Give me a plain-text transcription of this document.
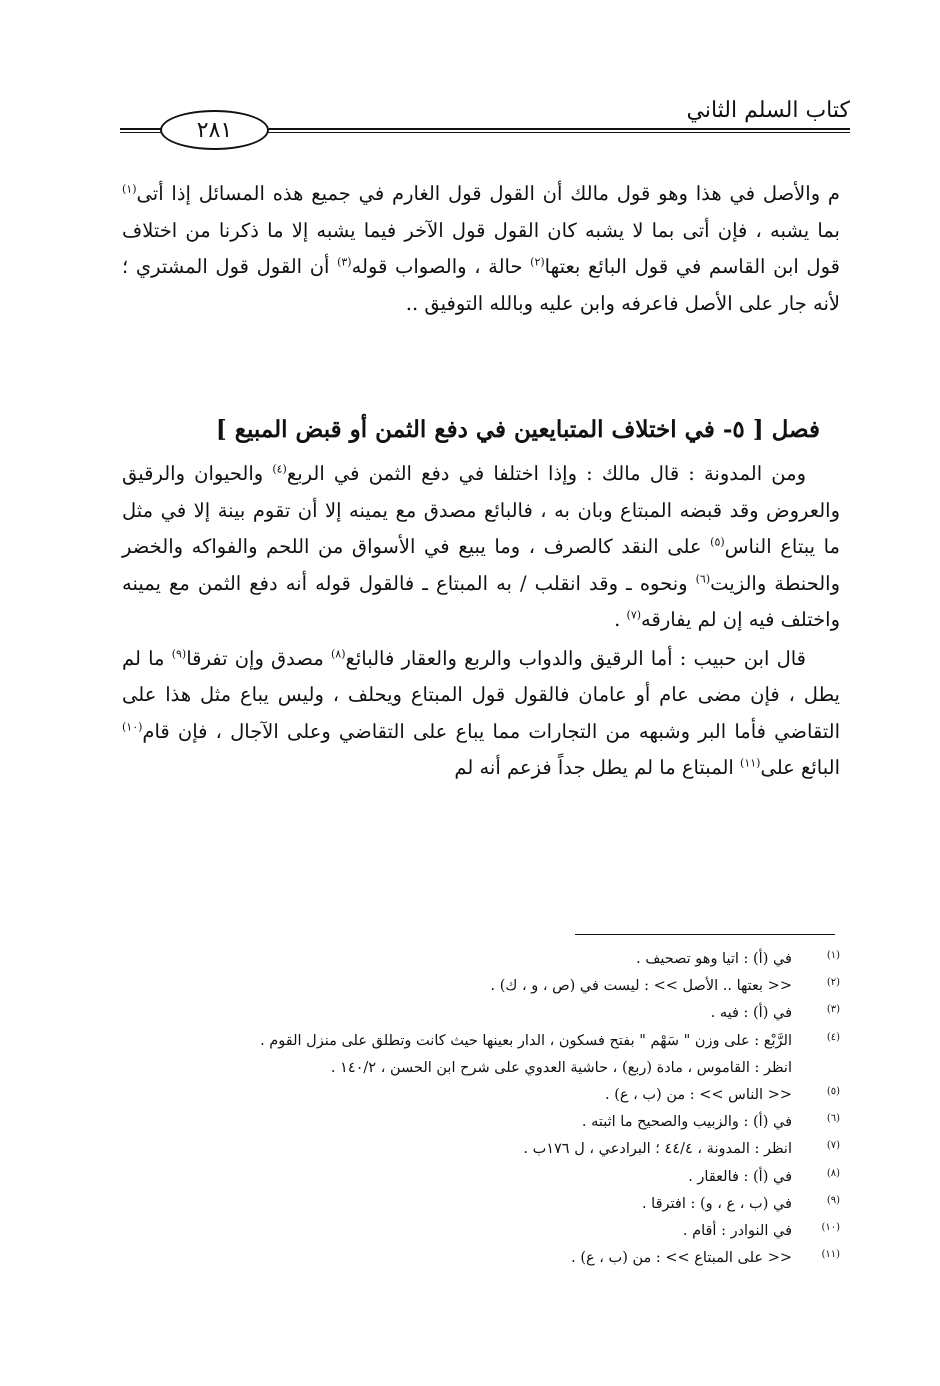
كتاب السلم الثاني
٢٨١

م والأصل في هذا وهو قول مالك أن القول قول الغارم في جميع هذه المسائل إذا أتى$^{(١)}$ بما يشبه ، فإن أتى بما لا يشبه كان القول قول الآخر فيما يشبه إلا ما ذكرنا من اختلاف قول ابن القاسم في قول البائع بعتها$^{(٢)}$ حالة ، والصواب قوله$^{(٣)}$ أن القول قول المشتري ؛ لأنه جار على الأصل فاعرفه وابن عليه وبالله التوفيق ..

فصل [ ٥- في اختلاف المتبايعين في دفع الثمن أو قبض المبيع ]

ومن المدونة : قال مالك : وإذا اختلفا في دفع الثمن في الربع$^{(٤)}$ والحيوان والرقيق والعروض وقد قبضه المبتاع وبان به ، فالبائع مصدق مع يمينه إلا أن تقوم بينة إلا في مثل ما يبتاع الناس$^{(٥)}$ على النقد كالصرف ، وما يبيع في الأسواق من اللحم والفواكه والخضر والحنطة والزيت$^{(٦)}$ ونحوه ـ وقد انقلب / به المبتاع ـ فالقول قوله أنه دفع الثمن مع يمينه واختلف فيه إن لم يفارقه$^{(٧)}$ .

قال ابن حبيب : أما الرقيق والدواب والربع والعقار فالبائع$^{(٨)}$ مصدق وإن تفرقا$^{(٩)}$ ما لم يطل ، فإن مضى عام أو عامان فالقول قول المبتاع ويحلف ، وليس يباع مثل هذا على التقاضي فأما البر وشبهه من التجارات مما يباع على التقاضي وعلى الآجال ، فإن قام$^{(١٠)}$ البائع على$^{(١١)}$ المبتاع ما لم يطل جداً فزعم أنه لم

(١)
في (أ) : اتيا وهو تصحيف .
(٢)
<< بعتها .. الأصل >> : ليست في (ص ، و ، ك) .
(٣)
في (أ) : فيه .
(٤)
الرَّبْع : على وزن " سَهْم " بفتح فسكون ، الدار بعينها حيث كانت وتطلق على منزل القوم .
انظر : القاموس ، مادة (ربع) ، حاشية العدوي على شرح ابن الحسن ، ١٤٠/٢ .
(٥)
<< الناس >> : من (ب ، ع) .
(٦)
في (أ) : والزبيب والصحيح ما اثبته .
(٧)
انظر : المدونة ، ٤٤/٤ ؛ البرادعي ، ل ١٧٦ب .
(٨)
في (أ) : فالعقار .
(٩)
في (ب ، ع ، و) : افترقا .
(١٠)
في النوادر : أقام .
(١١)
<< على المبتاع >> : من (ب ، ع) .
